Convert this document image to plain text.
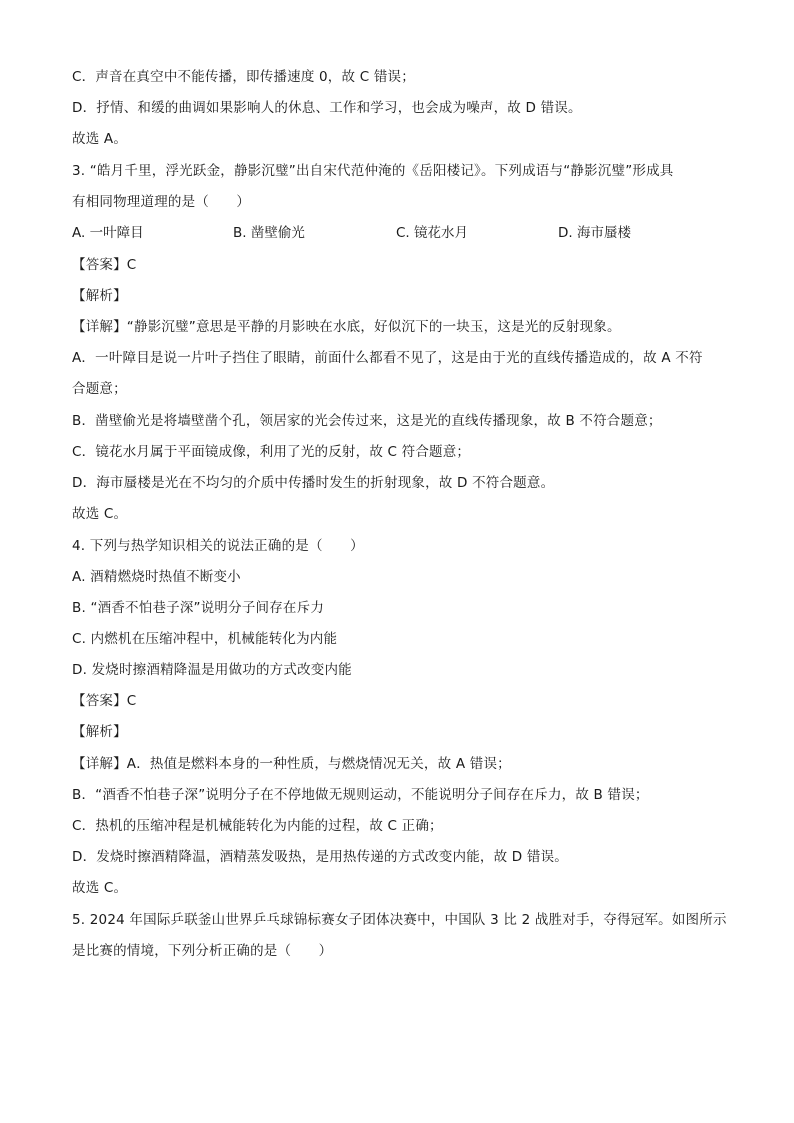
C．声音在真空中不能传播，即传播速度 0，故 C 错误；
D．抒情、和缓的曲调如果影响人的休息、工作和学习，也会成为噪声，故 D 错误。
故选 A。
3. “皓月千里，浮光跃金，静影沉璧”出自宋代范仲淹的《岳阳楼记》。下列成语与“静影沉璧”形成具
有相同物理道理的是（　　）
A. 一叶障目	B. 凿壁偷光	C. 镜花水月	D. 海市蜃楼
【答案】C
【解析】
【详解】“静影沉璧”意思是平静的月影映在水底，好似沉下的一块玉，这是光的反射现象。
A．一叶障目是说一片叶子挡住了眼睛，前面什么都看不见了，这是由于光的直线传播造成的，故 A 不符
合题意；
B．凿壁偷光是将墙壁凿个孔，领居家的光会传过来，这是光的直线传播现象，故 B 不符合题意；
C．镜花水月属于平面镜成像，利用了光的反射，故 C 符合题意；
D．海市蜃楼是光在不均匀的介质中传播时发生的折射现象，故 D 不符合题意。
故选 C。
4. 下列与热学知识相关的说法正确的是（　　）
A. 酒精燃烧时热值不断变小
B. “酒香不怕巷子深”说明分子间存在斥力
C. 内燃机在压缩冲程中，机械能转化为内能
D. 发烧时擦酒精降温是用做功的方式改变内能
【答案】C
【解析】
【详解】A．热值是燃料本身的一种性质，与燃烧情况无关，故 A 错误；
B．“酒香不怕巷子深”说明分子在不停地做无规则运动，不能说明分子间存在斥力，故 B 错误；
C．热机的压缩冲程是机械能转化为内能的过程，故 C 正确；
D．发烧时擦酒精降温，酒精蒸发吸热，是用热传递的方式改变内能，故 D 错误。
故选 C。
5. 2024 年国际乒联釜山世界乒乓球锦标赛女子团体决赛中，中国队 3 比 2 战胜对手，夺得冠军。如图所示
是比赛的情境，下列分析正确的是（　　）
